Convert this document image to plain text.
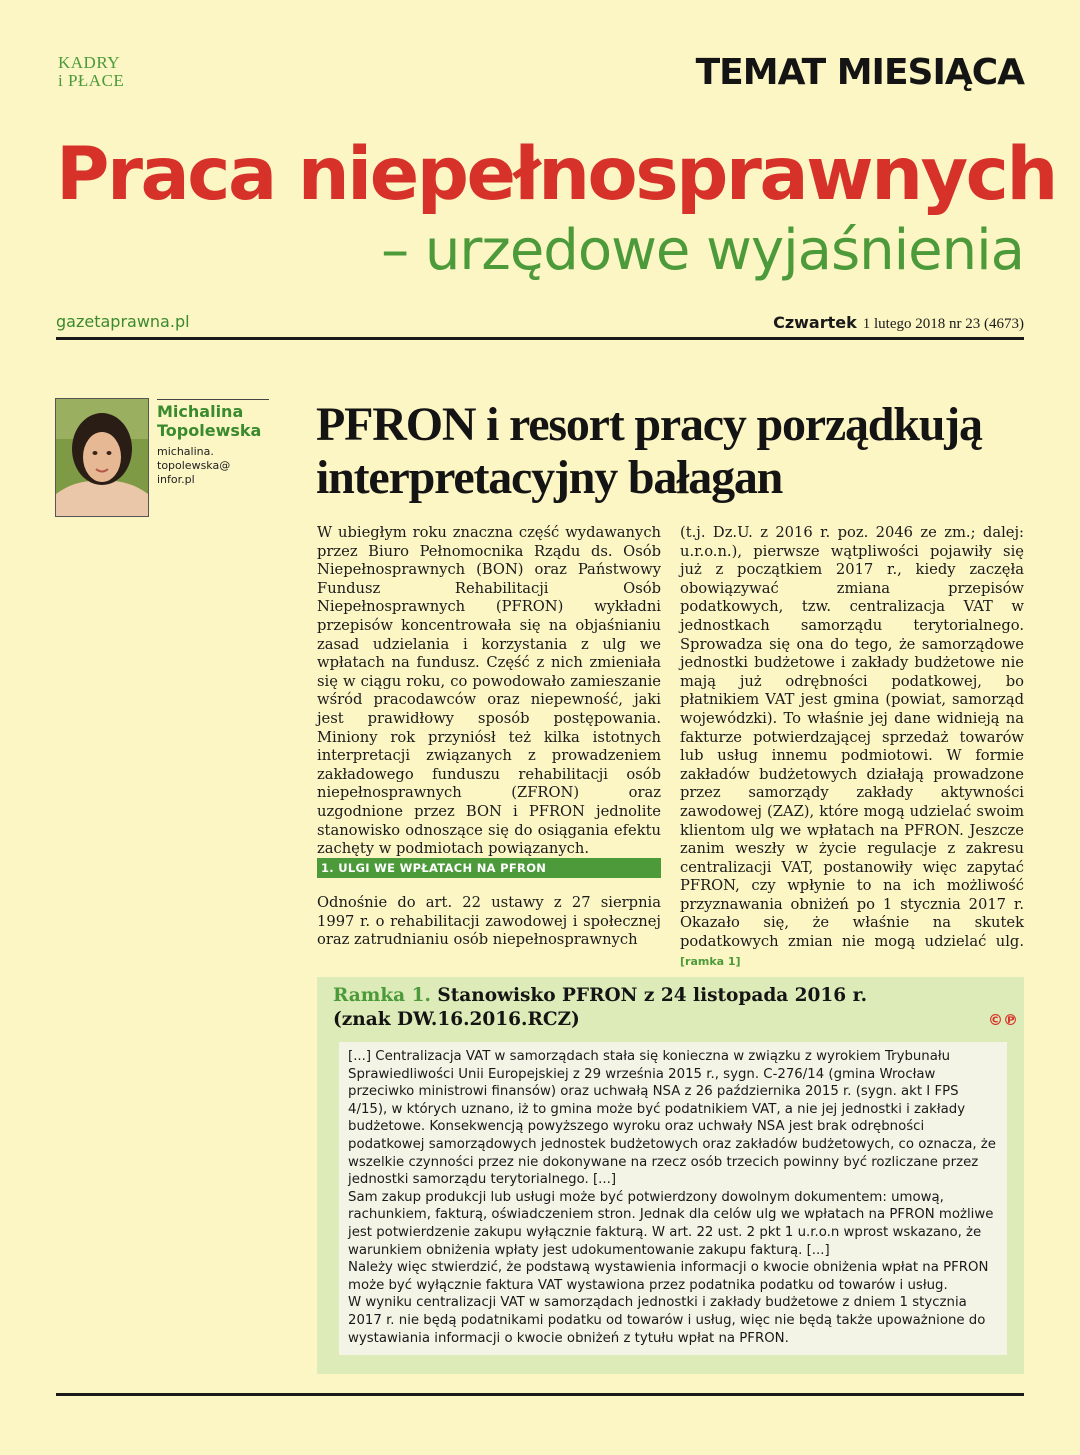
KADRY
i PŁACE	TEMAT MIESIĄCA
Praca niepełnosprawnych
– urzędowe wyjaśnienia
gazetaprawna.pl	Czwartek 1 lutego 2018 nr 23 (4673)
Michalina
Topolewska
michalina.
topolewska@
infor.pl
PFRON i resort pracy porządkują interpretacyjny bałagan
W ubiegłym roku znaczna część wydawanych przez Biuro Pełnomocnika Rządu ds. Osób Niepełnosprawnych (BON) oraz Państwowy Fundusz Rehabilitacji Osób Niepełnosprawnych (PFRON) wykładni przepisów koncentrowała się na objaśnianiu zasad udzielania i korzystania z ulg we wpłatach na fundusz. Część z nich zmieniała się w ciągu roku, co powodowało zamieszanie wśród pracodawców oraz niepewność, jaki jest prawidłowy sposób postępowania. Miniony rok przyniósł też kilka istotnych interpretacji związanych z prowadzeniem zakładowego funduszu rehabilitacji osób niepełnosprawnych (ZFRON) oraz uzgodnione przez BON i PFRON jednolite stanowisko odnoszące się do osiągania efektu zachęty w podmiotach powiązanych.
1. ULGI WE WPŁATACH NA PFRON
Odnośnie do art. 22 ustawy z 27 sierpnia 1997 r. o rehabilitacji zawodowej i społecznej oraz zatrudnianiu osób niepełnosprawnych
(t.j. Dz.U. z 2016 r. poz. 2046 ze zm.; dalej: u.r.o.n.), pierwsze wątpliwości pojawiły się już z początkiem 2017 r., kiedy zaczęła obowiązywać zmiana przepisów podatkowych, tzw. centralizacja VAT w jednostkach samorządu terytorialnego. Sprowadza się ona do tego, że samorządowe jednostki budżetowe i zakłady budżetowe nie mają już odrębności podatkowej, bo płatnikiem VAT jest gmina (powiat, samorząd wojewódzki). To właśnie jej dane widnieją na fakturze potwierdzającej sprzedaż towarów lub usług innemu podmiotowi. W formie zakładów budżetowych działają prowadzone przez samorządy zakłady aktywności zawodowej (ZAZ), które mogą udzielać swoim klientom ulg we wpłatach na PFRON. Jeszcze zanim weszły w życie regulacje z zakresu centralizacji VAT, postanowiły więc zapytać PFRON, czy wpłynie to na ich możliwość przyznawania obniżeń po 1 stycznia 2017 r. Okazało się, że właśnie na skutek podatkowych zmian nie mogą udzielać ulg. [ramka 1]
Ramka 1. Stanowisko PFRON z 24 listopada 2016 r.
(znak DW.16.2016.RCZ)	©℗

[...] Centralizacja VAT w samorządach stała się konieczna w związku z wyrokiem Trybunału Sprawiedliwości Unii Europejskiej z 29 września 2015 r., sygn. C-276/14 (gmina Wrocław przeciwko ministrowi finansów) oraz uchwałą NSA z 26 października 2015 r. (sygn. akt I FPS 4/15), w których uznano, iż to gmina może być podatnikiem VAT, a nie jej jednostki i zakłady budżetowe. Konsekwencją powyższego wyroku oraz uchwały NSA jest brak odrębności podatkowej samorządowych jednostek budżetowych oraz zakładów budżetowych, co oznacza, że wszelkie czynności przez nie dokonywane na rzecz osób trzecich powinny być rozliczane przez jednostki samorządu terytorialnego. [...]

Sam zakup produkcji lub usługi może być potwierdzony dowolnym dokumentem: umową, rachunkiem, fakturą, oświadczeniem stron. Jednak dla celów ulg we wpłatach na PFRON możliwe jest potwierdzenie zakupu wyłącznie fakturą. W art. 22 ust. 2 pkt 1 u.r.o.n wprost wskazano, że warunkiem obniżenia wpłaty jest udokumentowanie zakupu fakturą. [...]

Należy więc stwierdzić, że podstawą wystawienia informacji o kwocie obniżenia wpłat na PFRON może być wyłącznie faktura VAT wystawiona przez podatnika podatku od towarów i usług.

W wyniku centralizacji VAT w samorządach jednostki i zakłady budżetowe z dniem 1 stycznia 2017 r. nie będą podatnikami podatku od towarów i usług, więc nie będą także upoważnione do wystawiania informacji o kwocie obniżeń z tytułu wpłat na PFRON.
